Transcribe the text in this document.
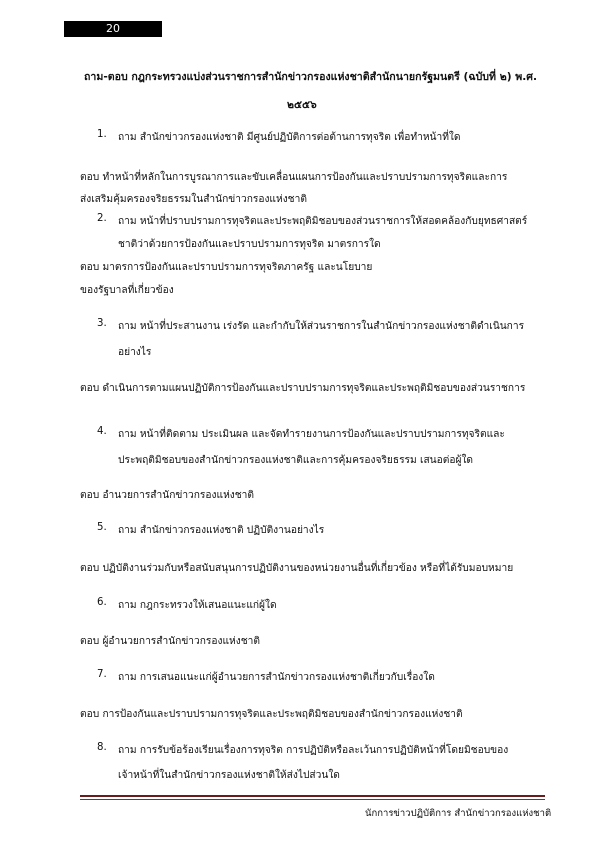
20
ถาม-ตอบ กฎกระทรวงแบ่งส่วนราชการสำนักข่าวกรองแห่งชาติสำนักนายกรัฐมนตรี (ฉบับที่ ๒) พ.ศ.
๒๕๕๖
1. ถาม สำนักข่าวกรองแห่งชาติ มีศูนย์ปฏิบัติการต่อต้านการทุจริต เพื่อทำหน้าที่ใด
ตอบ ทำหน้าที่หลักในการบูรณาการและขับเคลื่อนแผนการป้องกันและปราบปรามการทุจริตและการ
ส่งเสริมคุ้มครองจริยธรรมในสำนักข่าวกรองแห่งชาติ
2. ถาม หน้าที่ปราบปรามการทุจริตและประพฤติมิชอบของส่วนราชการให้สอดคล้องกับยุทธศาสตร์
ชาติว่าด้วยการป้องกันและปราบปรามการทุจริต มาตรการใด
ตอบ มาตรการป้องกันและปราบปรามการทุจริตภาครัฐ และนโยบาย
ของรัฐบาลที่เกี่ยวข้อง
3. ถาม หน้าที่ประสานงาน เร่งรัด และกำกับให้ส่วนราชการในสำนักข่าวกรองแห่งชาติดำเนินการ
อย่างไร
ตอบ ดำเนินการตามแผนปฏิบัติการป้องกันและปราบปรามการทุจริตและประพฤติมิชอบของส่วนราชการ
4. ถาม หน้าที่ติดตาม ประเมินผล และจัดทำรายงานการป้องกันและปราบปรามการทุจริตและ
ประพฤติมิชอบของสำนักข่าวกรองแห่งชาติและการคุ้มครองจริยธรรม เสนอต่อผู้ใด
ตอบ อำนวยการสำนักข่าวกรองแห่งชาติ
5. ถาม สำนักข่าวกรองแห่งชาติ ปฏิบัติงานอย่างไร
ตอบ ปฏิบัติงานร่วมกับหรือสนับสนุนการปฏิบัติงานของหน่วยงานอื่นที่เกี่ยวข้อง หรือที่ได้รับมอบหมาย
6. ถาม กฎกระทรวงให้เสนอแนะแก่ผู้ใด
ตอบ ผู้อำนวยการสำนักข่าวกรองแห่งชาติ
7. ถาม การเสนอแนะแก่ผู้อำนวยการสำนักข่าวกรองแห่งชาติเกี่ยวกับเรื่องใด
ตอบ การป้องกันและปราบปรามการทุจริตและประพฤติมิชอบของสำนักข่าวกรองแห่งชาติ
8. ถาม การรับข้อร้องเรียนเรื่องการทุจริต การปฏิบัติหรือละเว้นการปฏิบัติหน้าที่โดยมิชอบของ
เจ้าหน้าที่ในสำนักข่าวกรองแห่งชาติให้ส่งไปส่วนใด
นักการข่าวปฏิบัติการ สำนักข่าวกรองแห่งชาติ
